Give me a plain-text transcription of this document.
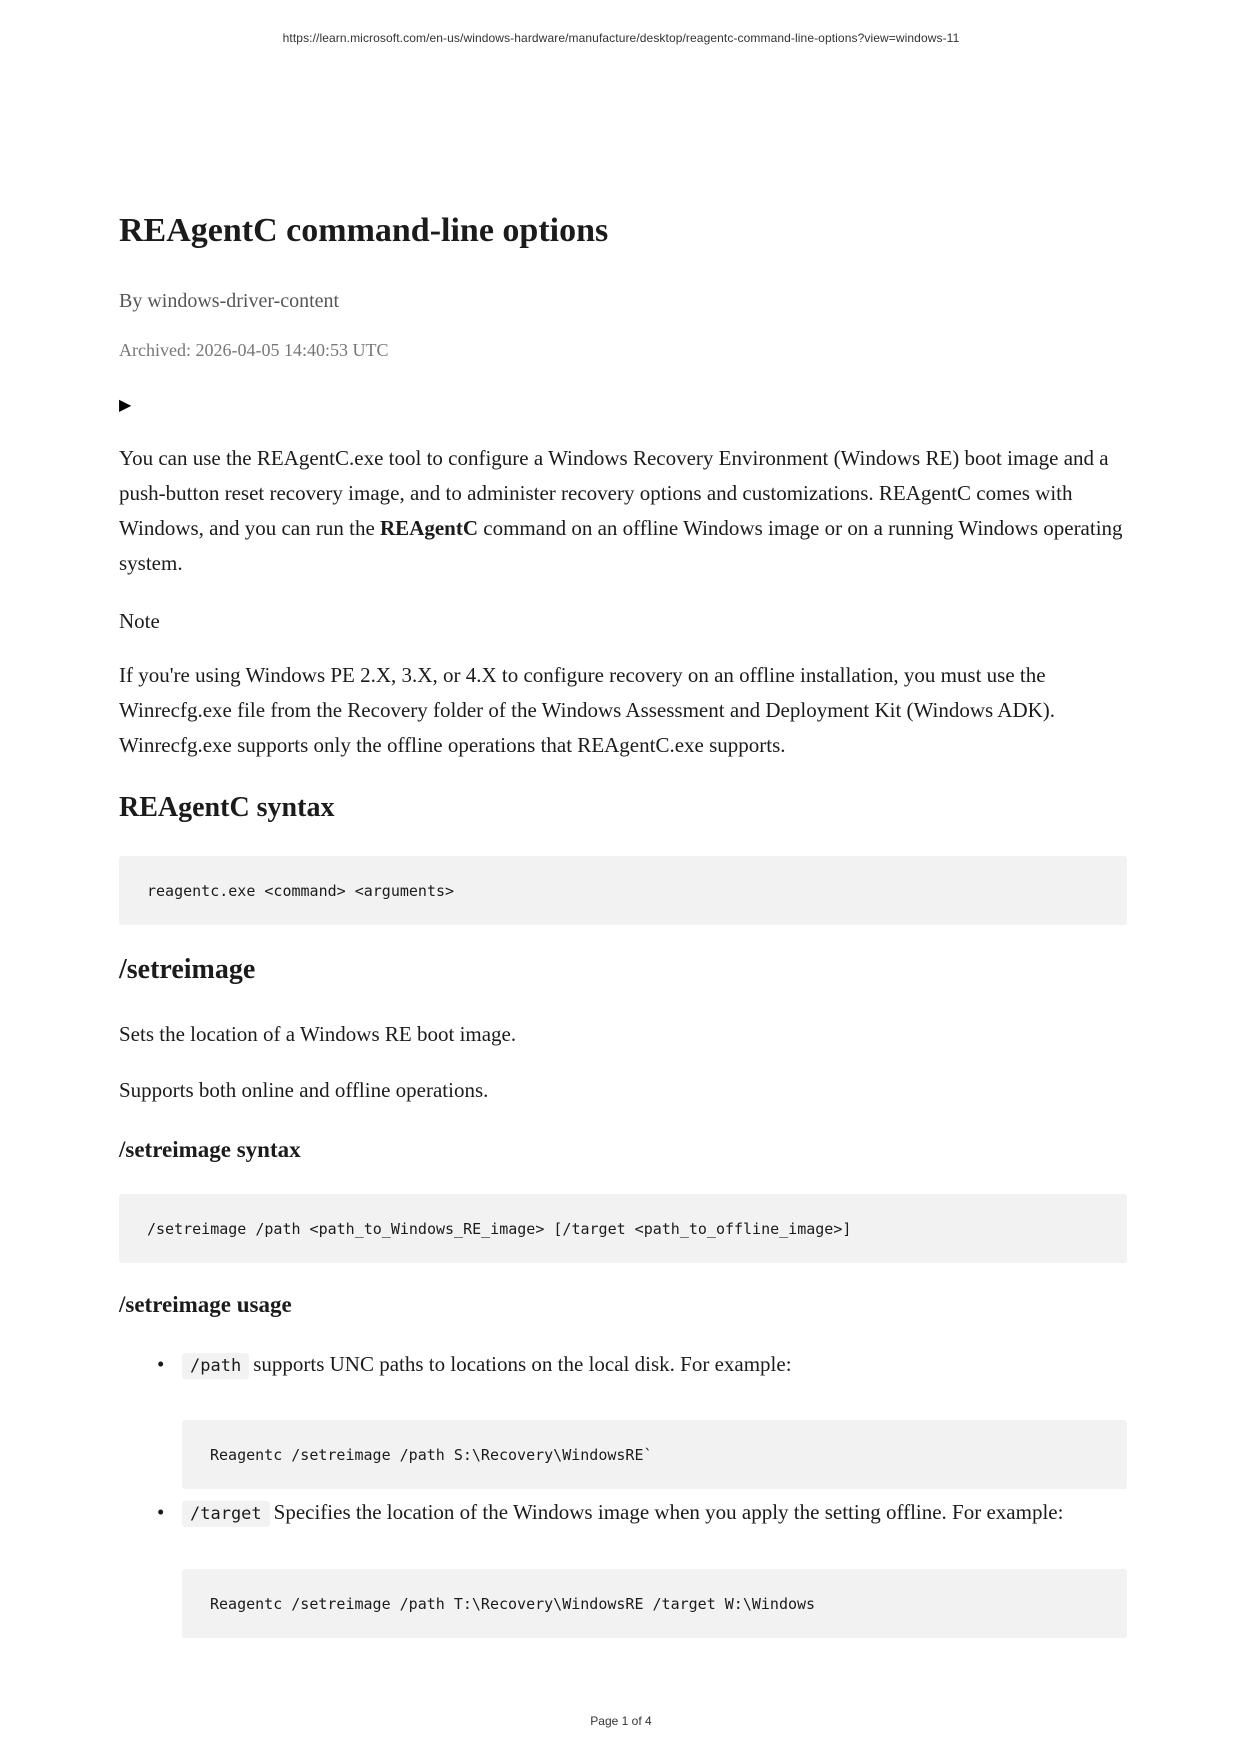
https://learn.microsoft.com/en-us/windows-hardware/manufacture/desktop/reagentc-command-line-options?view=windows-11
REAgentC command-line options
By windows-driver-content
Archived: 2026-04-05 14:40:53 UTC
▶

You can use the REAgentC.exe tool to configure a Windows Recovery Environment (Windows RE) boot image and a push-button reset recovery image, and to administer recovery options and customizations. REAgentC comes with Windows, and you can run the REAgentC command on an offline Windows image or on a running Windows operating system.

Note

If you're using Windows PE 2.X, 3.X, or 4.X to configure recovery on an offline installation, you must use the Winrecfg.exe file from the Recovery folder of the Windows Assessment and Deployment Kit (Windows ADK). Winrecfg.exe supports only the offline operations that REAgentC.exe supports.

REAgentC syntax
reagentc.exe <command> <arguments>
/setreimage

Sets the location of a Windows RE boot image.

Supports both online and offline operations.

/setreimage syntax
/setreimage /path <path_to_Windows_RE_image> [/target <path_to_offline_image>]
/setreimage usage
•	/path supports UNC paths to locations on the local disk. For example:
Reagentc /setreimage /path S:\Recovery\WindowsRE`
•	/target Specifies the location of the Windows image when you apply the setting offline. For example:
Reagentc /setreimage /path T:\Recovery\WindowsRE /target W:\Windows
Page 1 of 4
